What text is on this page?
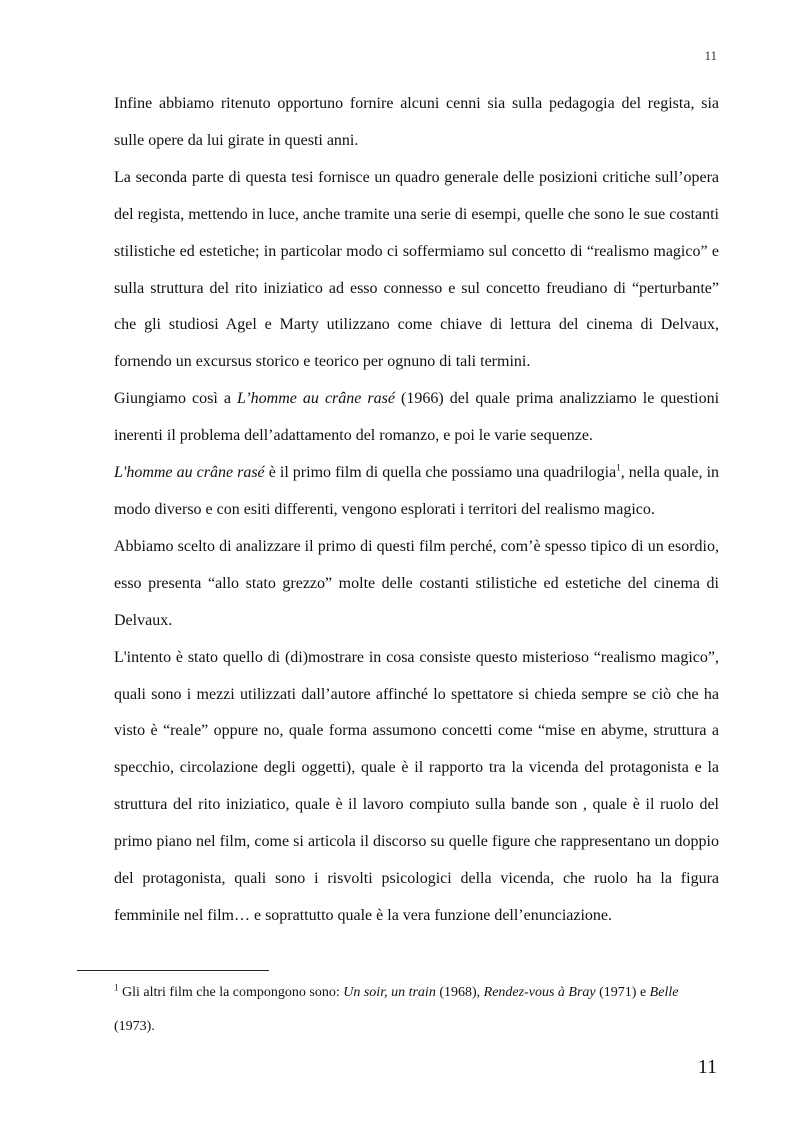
11

Infine abbiamo ritenuto opportuno fornire alcuni cenni sia sulla pedagogia del regista, sia sulle opere da lui girate in questi anni.

La seconda parte di questa tesi fornisce un quadro generale delle posizioni critiche sull’opera del regista, mettendo in luce, anche tramite una serie di esempi, quelle che sono le sue costanti stilistiche ed estetiche; in particolar modo ci soffermiamo sul concetto di “realismo magico” e sulla struttura del rito iniziatico ad esso connesso e sul concetto freudiano di “perturbante” che gli studiosi Agel e Marty utilizzano come chiave di lettura del cinema di Delvaux, fornendo un excursus storico e teorico per ognuno di tali termini.

Giungiamo così a L’homme au crâne rasé (1966) del quale prima analizziamo le questioni inerenti il problema dell’adattamento del romanzo, e poi le varie sequenze.

L'homme au crâne rasé è il primo film di quella che possiamo una quadrilogia$^1$, nella quale, in modo diverso e con esiti differenti, vengono esplorati i territori del realismo magico.

Abbiamo scelto di analizzare il primo di questi film perché, com’è spesso tipico di un esordio, esso presenta “allo stato grezzo” molte delle costanti stilistiche ed estetiche del cinema di Delvaux.

L'intento è stato quello di (di)mostrare in cosa consiste questo misterioso “realismo magico”, quali sono i mezzi utilizzati dall’autore affinché lo spettatore si chieda sempre se ciò che ha visto è “reale” oppure no, quale forma assumono concetti come “mise en abyme, struttura a specchio, circolazione degli oggetti), quale è il rapporto tra la vicenda del protagonista e la struttura del rito iniziatico, quale è il lavoro compiuto sulla bande son , quale è il ruolo del primo piano nel film, come si articola il discorso su quelle figure che rappresentano un doppio del protagonista, quali sono i risvolti psicologici della vicenda, che ruolo ha la figura femminile nel film… e soprattutto quale è la vera funzione dell’enunciazione.

$^1$ Gli altri film che la compongono sono: Un soir, un train (1968), Rendez-vous à Bray (1971) e Belle (1973).
11
